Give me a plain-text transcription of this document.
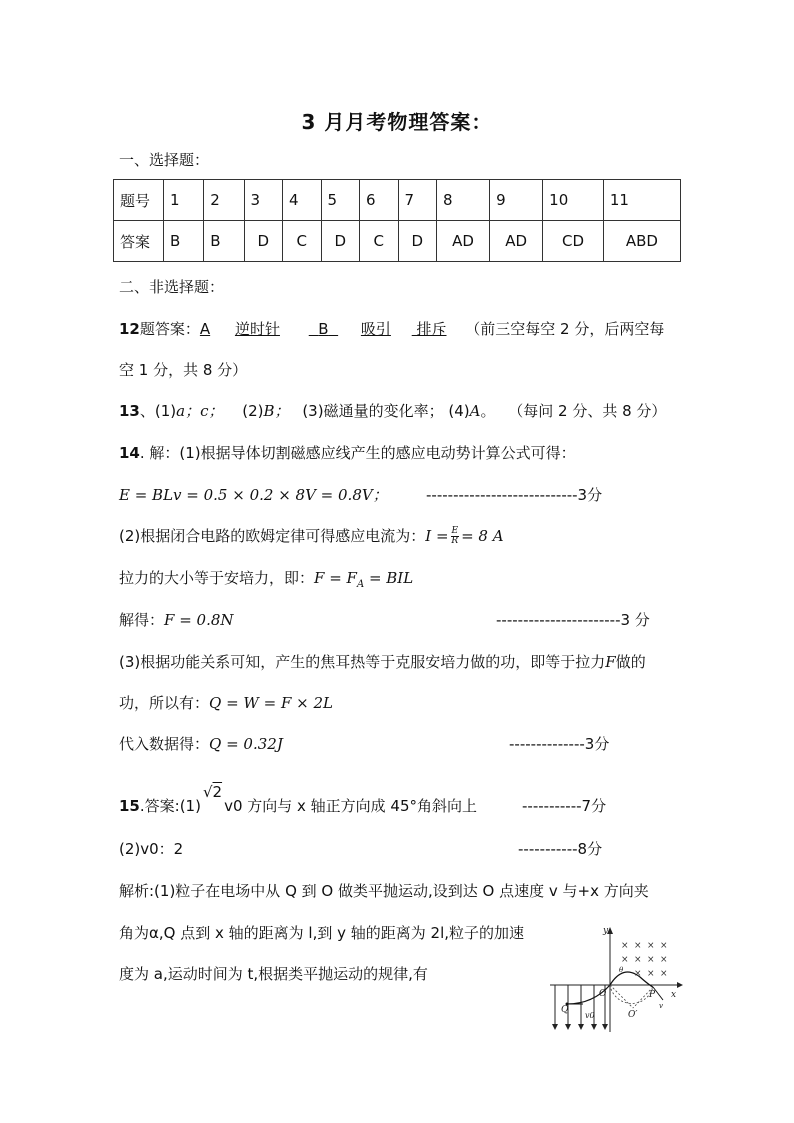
3 月月考物理答案：
一、选择题：
题号	1	2	3	4	5	6	7	8	9	10	11
答案	B	B	D	C	D	C	D	AD	AD	CD	ABD
二、非选择题：
12题答案：A 逆时针	B 吸引 排斥 （前三空每空 2 分，后两空每
空 1 分，共 8 分）
13、(1)a；c； (2)B； (3)磁通量的变化率； (4)A。 （每问 2 分、共 8 分）
14. 解：(1)根据导体切割磁感应线产生的感应电动势计算公式可得：
E = BLv = 0.5 × 0.2 × 8V = 0.8V；	----------------------------3分
(2)根据闭合电路的欧姆定律可得感应电流为：$I = \frac{E}{R} = 8$ A
拉力的大小等于安培力，即：$F = F_A$ = BIL
解得：F = 0.8N	-----------------------3 分
(3)根据功能关系可知，产生的焦耳热等于克服安培力做的功，即等于拉力F做的
功，所以有：Q = W = F × 2L
代入数据得：Q = 0.32J	--------------3分
15.答案:(1)√2v0 方向与 x 轴正方向成 45°角斜向上	-----------7分
(2)v0：2	-----------8分
解析:(1)粒子在电场中从 Q 到 O 做类平抛运动,设到达 O 点速度 v 与+x 方向夹
角为α,Q 点到 x 轴的距离为 l,到 y 轴的距离为 2l,粒子的加速
度为 a,运动时间为 t,根据类平抛运动的规律,有
y
x
O
Q
P
O′
v0
θ
v
× × × ×
× × × ×
× × ×
